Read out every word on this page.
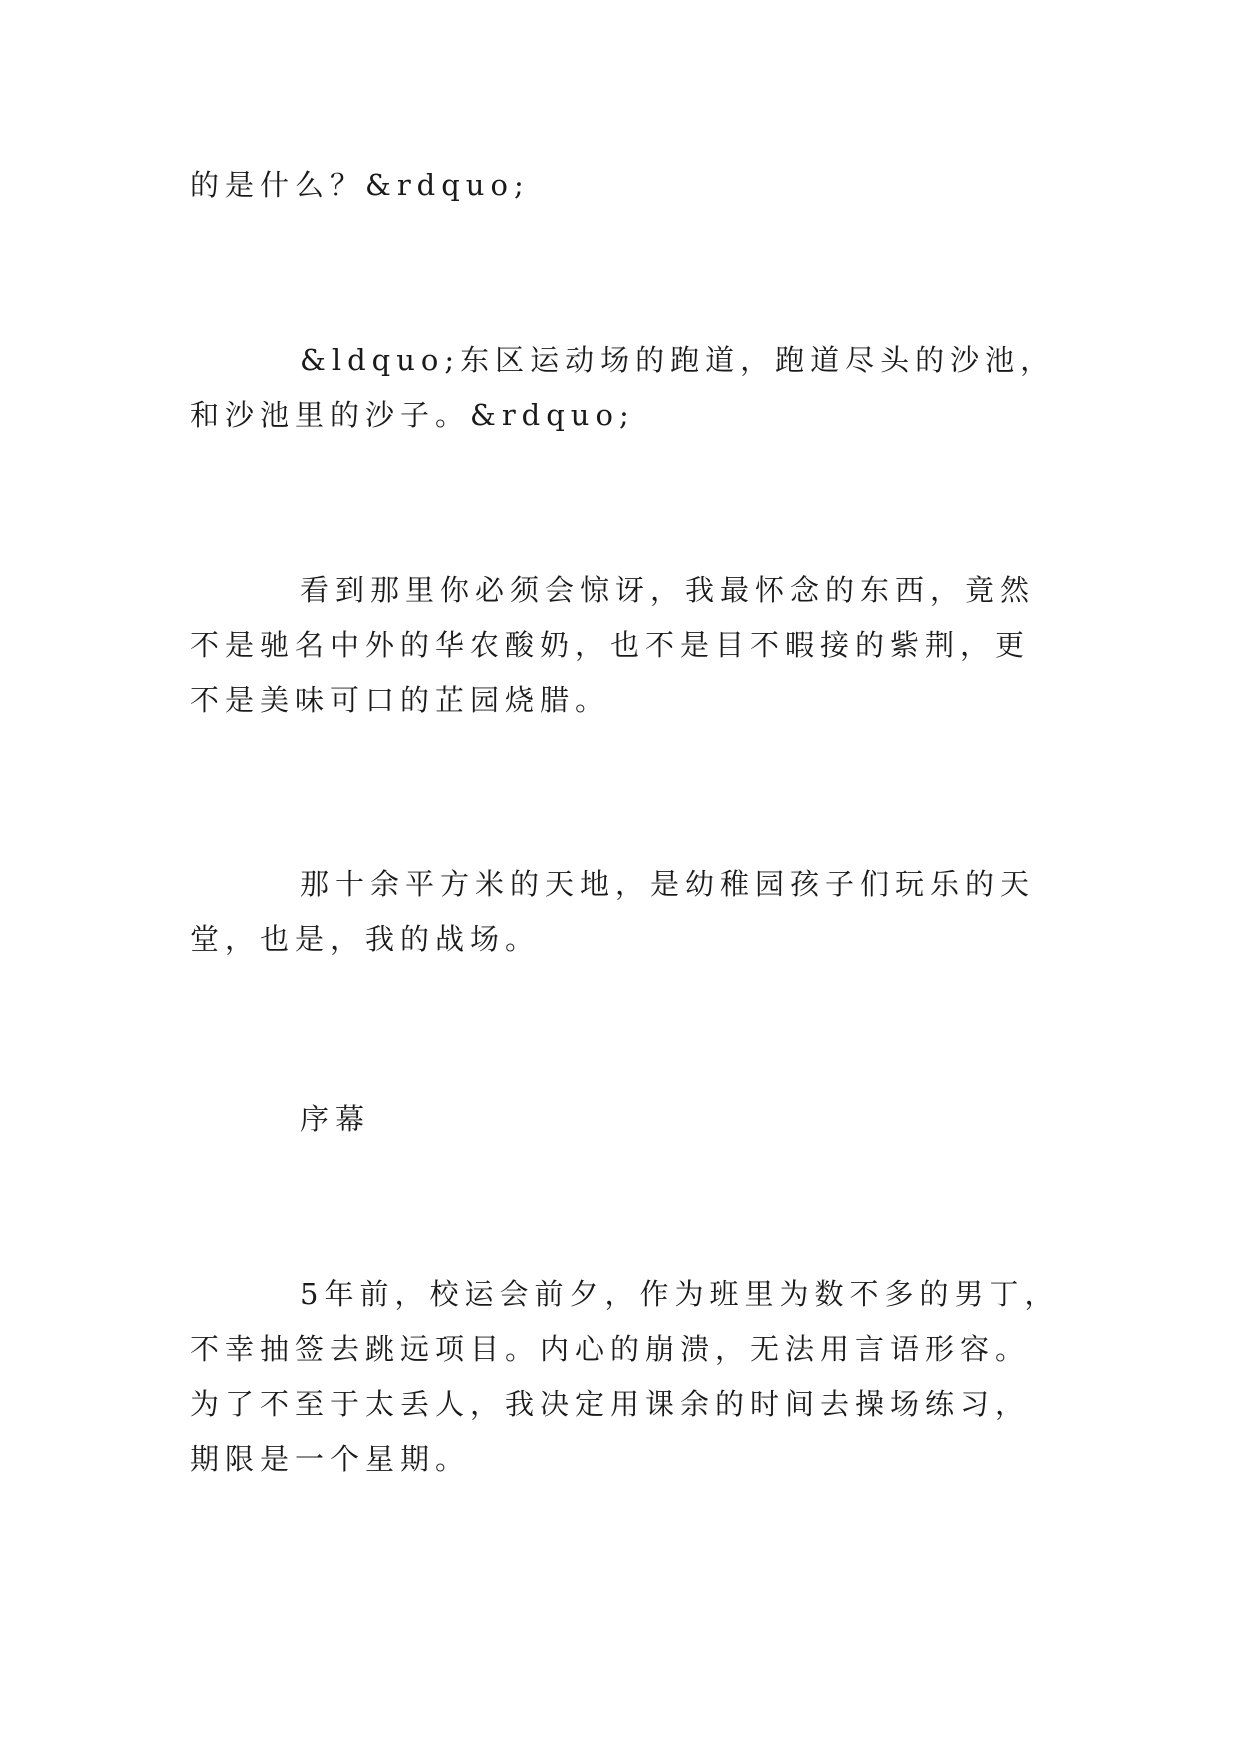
的是什么？&rdquo;

&ldquo;东区运动场的跑道，跑道尽头的沙池，和沙池里的沙子。&rdquo;

看到那里你必须会惊讶，我最怀念的东西，竟然不是驰名中外的华农酸奶，也不是目不暇接的紫荆，更不是美味可口的芷园烧腊。

那十余平方米的天地，是幼稚园孩子们玩乐的天堂，也是，我的战场。

序幕

5年前，校运会前夕，作为班里为数不多的男丁，不幸抽签去跳远项目。内心的崩溃，无法用言语形容。为了不至于太丢人，我决定用课余的时间去操场练习，期限是一个星期。
